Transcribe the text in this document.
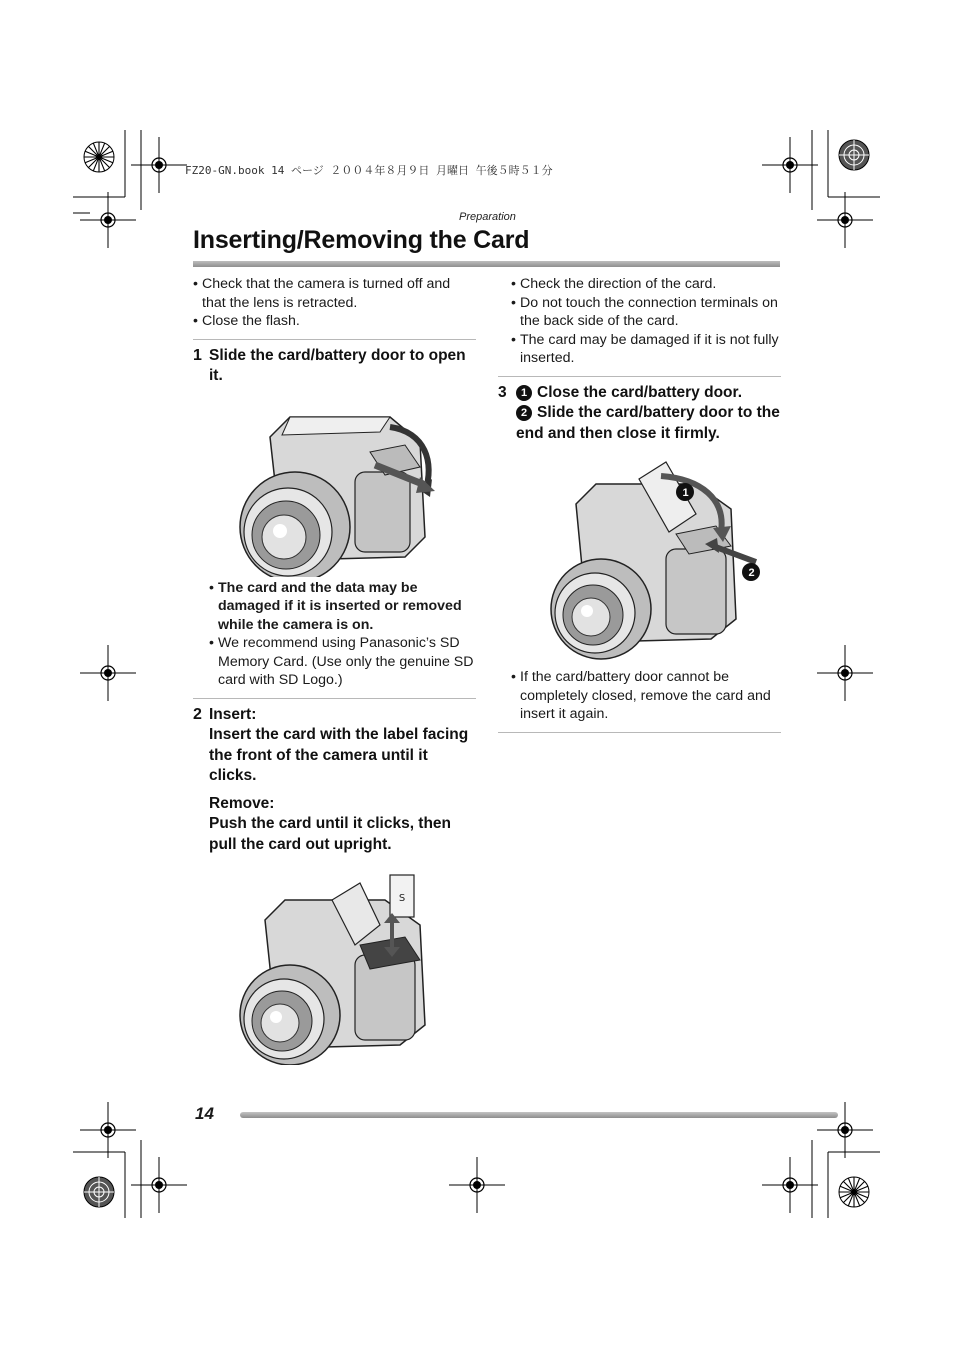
FZ20-GN.book 14 ページ ２００４年８月９日 月曜日 午後５時５１分
Preparation
Inserting/Removing the Card
• Check that the camera is turned off and that the lens is retracted.
• Close the flash.
1 Slide the card/battery door to open it.

• The card and the data may be damaged if it is inserted or removed while the camera is on.
• We recommend using Panasonic’s SD Memory Card. (Use only the genuine SD card with SD Logo.)
2 Insert:

Insert the card with the label facing the front of the camera until it clicks.

Remove:

Push the card until it clicks, then pull the card out upright.

S
• Check the direction of the card.
• Do not touch the connection terminals on the back side of the card.
• The card may be damaged if it is not fully inserted.
3 1 Close the card/battery door.
2 Slide the card/battery door to the end and then close it firmly.
1
2
• If the card/battery door cannot be completely closed, remove the card and insert it again.
14
